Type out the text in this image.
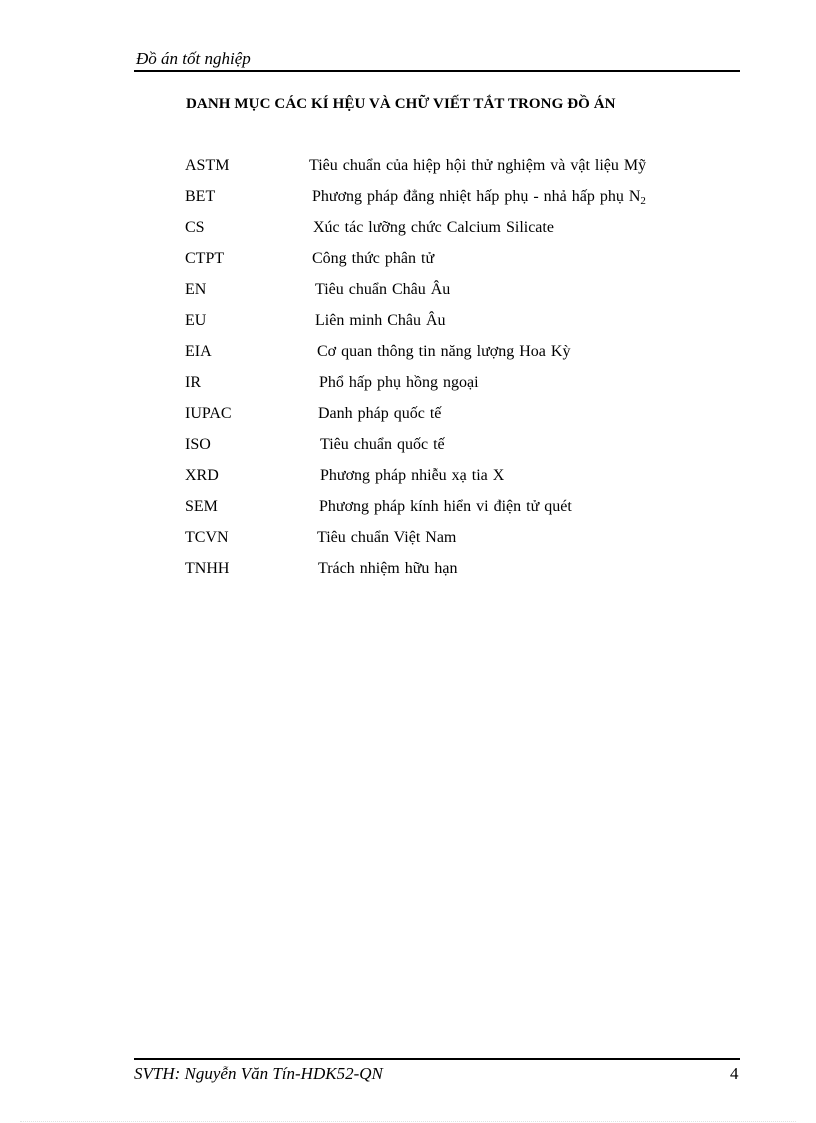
Đồ án tốt nghiệp
DANH MỤC CÁC KÍ HỆU VÀ CHỮ VIẾT TẮT TRONG ĐỒ ÁN
ASTM	Tiêu chuẩn của hiệp hội thử nghiệm và vật liệu Mỹ
BET	Phương pháp đẳng nhiệt hấp phụ - nhả hấp phụ $N_2$
CS	Xúc tác lưỡng chức Calcium Silicate
CTPT	Công thức phân tử
EN	Tiêu chuẩn Châu Âu
EU	Liên minh Châu Âu
EIA	Cơ quan thông tin năng lượng Hoa Kỳ
IR	Phổ hấp phụ hồng ngoại
IUPAC	Danh pháp quốc tế
ISO	Tiêu chuẩn quốc tế
XRD	Phương pháp nhiễu xạ tia X
SEM	Phương pháp kính hiển vi điện tử quét
TCVN	Tiêu chuẩn Việt Nam
TNHH	Trách nhiệm hữu hạn
SVTH: Nguyễn Văn Tín-HDK52-QN	4
